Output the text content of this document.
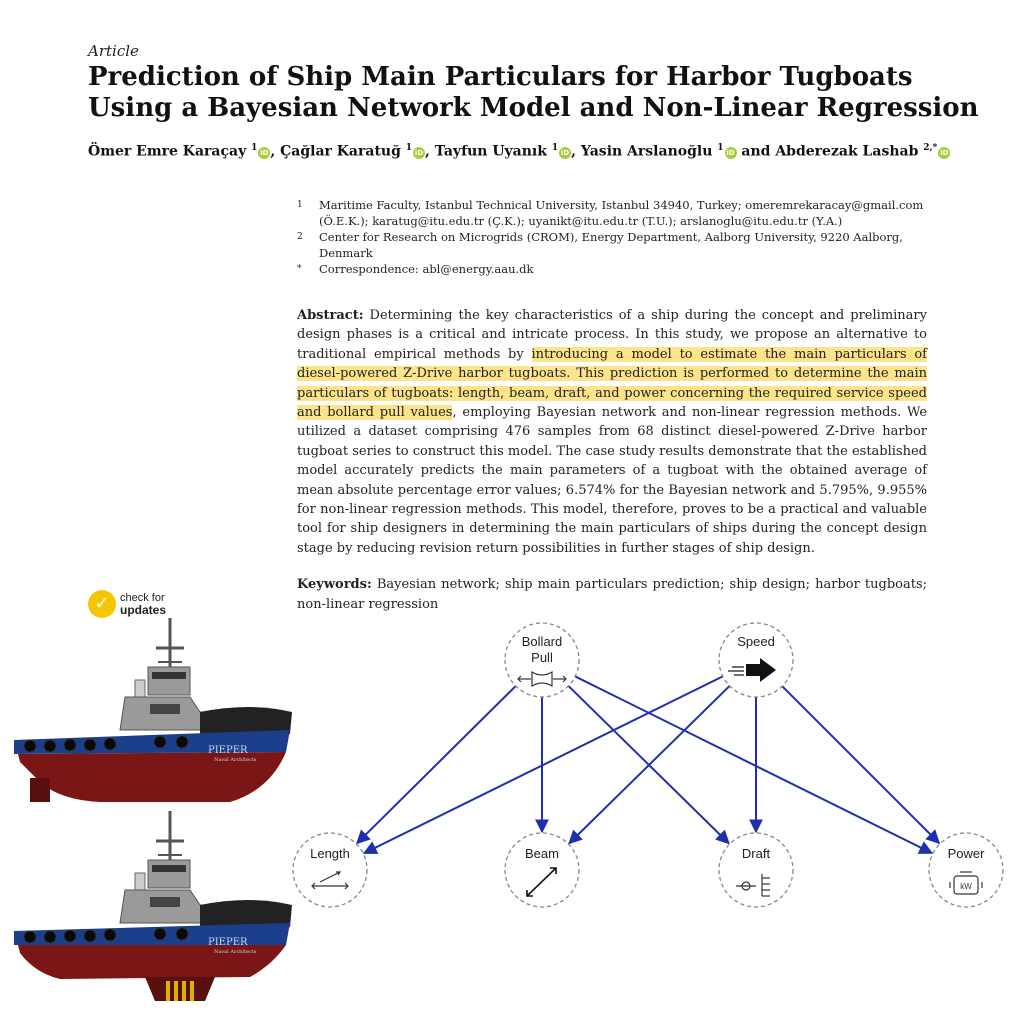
Article
Prediction of Ship Main Particulars for Harbor Tugboats Using a Bayesian Network Model and Non-Linear Regression
Ömer Emre Karaçay $^1$ iD , Çağlar Karatuğ $^1$ iD , Tayfun Uyanık $^1$ iD , Yasin Arslanoğlu $^1$ iD and Abderezak Lashab $^{2,*}$ iD
1	Maritime Faculty, Istanbul Technical University, Istanbul 34940, Turkey; omeremrekaracay@gmail.com (Ö.E.K.); karatug@itu.edu.tr (Ç.K.); uyanikt@itu.edu.tr (T.U.); arslanoglu@itu.edu.tr (Y.A.)
2	Center for Research on Microgrids (CROM), Energy Department, Aalborg University, 9220 Aalborg, Denmark
*	Correspondence: abl@energy.aau.dk
Abstract: Determining the key characteristics of a ship during the concept and preliminary design phases is a critical and intricate process. In this study, we propose an alternative to traditional empirical methods by introducing a model to estimate the main particulars of diesel-powered Z-Drive harbor tugboats. This prediction is performed to determine the main particulars of tugboats: length, beam, draft, and power concerning the required service speed and bollard pull values, employing Bayesian network and non-linear regression methods. We utilized a dataset comprising 476 samples from 68 distinct diesel-powered Z-Drive harbor tugboat series to construct this model. The case study results demonstrate that the established model accurately predicts the main parameters of a tugboat with the obtained average of mean absolute percentage error values; 6.574% for the Bayesian network and 5.795%, 9.955% for non-linear regression methods. This model, therefore, proves to be a practical and valuable tool for ship designers in determining the main particulars of ships during the concept design stage by reducing revision return possibilities in further stages of ship design.
Keywords: Bayesian network; ship main particulars prediction; ship design; harbor tugboats; non-linear regression
✓ check for
updates
PIEPER
Naval Architects
PIEPER
Naval Architects
Bollard
Pull
Speed
Length	Beam	Draft	Power
kW
